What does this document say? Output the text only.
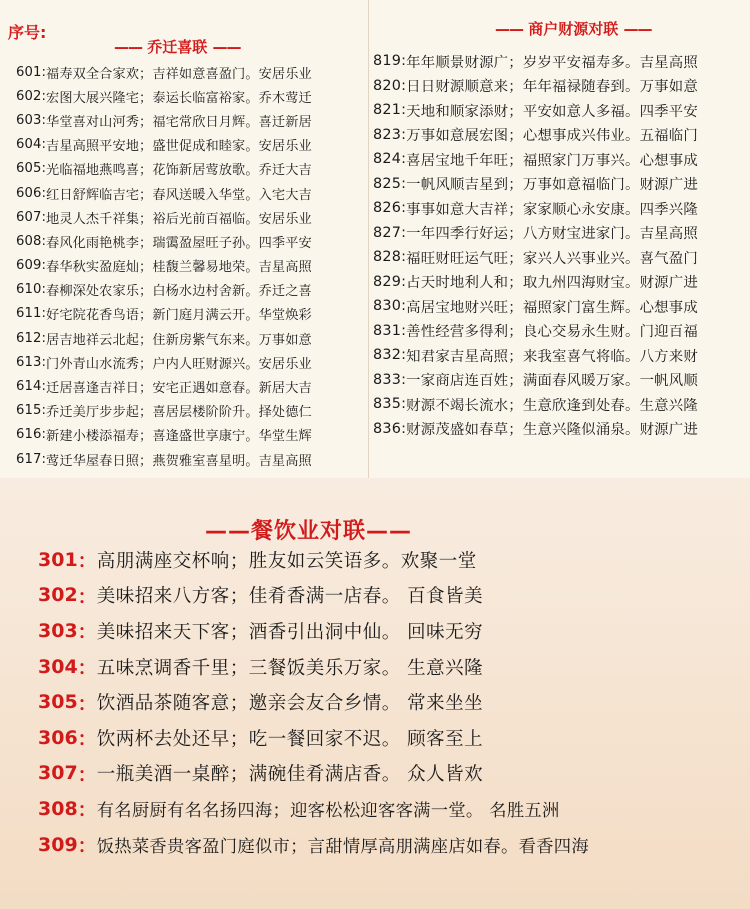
序号:
—— 乔迁喜联 ——
601 : 福寿双全合家欢；吉祥如意喜盈门。安居乐业
602 : 宏图大展兴隆宅；泰运长临富裕家。乔木莺迁
603 : 华堂喜对山河秀；福宅常欣日月辉。喜迁新居
604 : 吉星高照平安地；盛世促成和睦家。安居乐业
605 : 光临福地燕鸣喜；花饰新居莺放歌。乔迁大吉
606 : 红日舒辉临吉宅；春风送暖入华堂。入宅大吉
607 : 地灵人杰千祥集；裕后光前百福临。安居乐业
608 : 春风化雨艳桃李；瑞霭盈屋旺子孙。四季平安
609 : 春华秋实盈庭灿；桂馥兰馨易地荣。吉星高照
610 : 春柳深处农家乐；白杨水边村舍新。乔迁之喜
611 : 好宅院花香鸟语；新门庭月满云开。华堂焕彩
612 : 居吉地祥云北起；住新房紫气东来。万事如意
613 : 门外青山水流秀；户内人旺财源兴。安居乐业
614 : 迁居喜逢吉祥日；安宅正遇如意春。新居大吉
615 : 乔迁美厅步步起；喜居层楼阶阶升。择处德仁
616 : 新建小楼添福寿；喜逢盛世享康宁。华堂生辉
617 : 莺迁华屋春日照；燕贺雅室喜星明。吉星高照
—— 商户财源对联 ——
819 : 年年顺景财源广；岁岁平安福寿多。吉星高照
820 : 日日财源顺意来；年年福禄随春到。万事如意
821 : 天地和顺家添财；平安如意人多福。四季平安
823 : 万事如意展宏图；心想事成兴伟业。五福临门
824 : 喜居宝地千年旺；福照家门万事兴。心想事成
825 : 一帆风顺吉星到；万事如意福临门。财源广进
826 : 事事如意大吉祥；家家顺心永安康。四季兴隆
827 : 一年四季行好运；八方财宝进家门。吉星高照
828 : 福旺财旺运气旺；家兴人兴事业兴。喜气盈门
829 : 占天时地利人和；取九州四海财宝。财源广进
830 : 高居宝地财兴旺；福照家门富生辉。心想事成
831 : 善性经营多得利；良心交易永生财。门迎百福
832 : 知君家吉星高照；来我室喜气将临。八方来财
833 : 一家商店连百姓；满面春风暖万家。一帆风顺
835 : 财源不竭长流水；生意欣逢到处春。生意兴隆
836 : 财源茂盛如春草；生意兴隆似涌泉。财源广进
——餐饮业对联——
301 ： 高朋满座交杯响；胜友如云笑语多。欢聚一堂
302 ： 美味招来八方客；佳肴香满一店春。 百食皆美
303 ： 美味招来天下客；酒香引出洞中仙。 回味无穷
304 ： 五味烹调香千里；三餐饭美乐万家。 生意兴隆
305 ： 饮酒品茶随客意；邀亲会友合乡情。 常来坐坐
306 ： 饮两杯去处还早；吃一餐回家不迟。 顾客至上
307 ： 一瓶美酒一桌醉；满碗佳肴满店香。 众人皆欢
308 ： 有名厨厨有名名扬四海；迎客松松迎客客满一堂。 名胜五洲
309 ： 饭热菜香贵客盈门庭似市；言甜情厚高朋满座店如春。看香四海
